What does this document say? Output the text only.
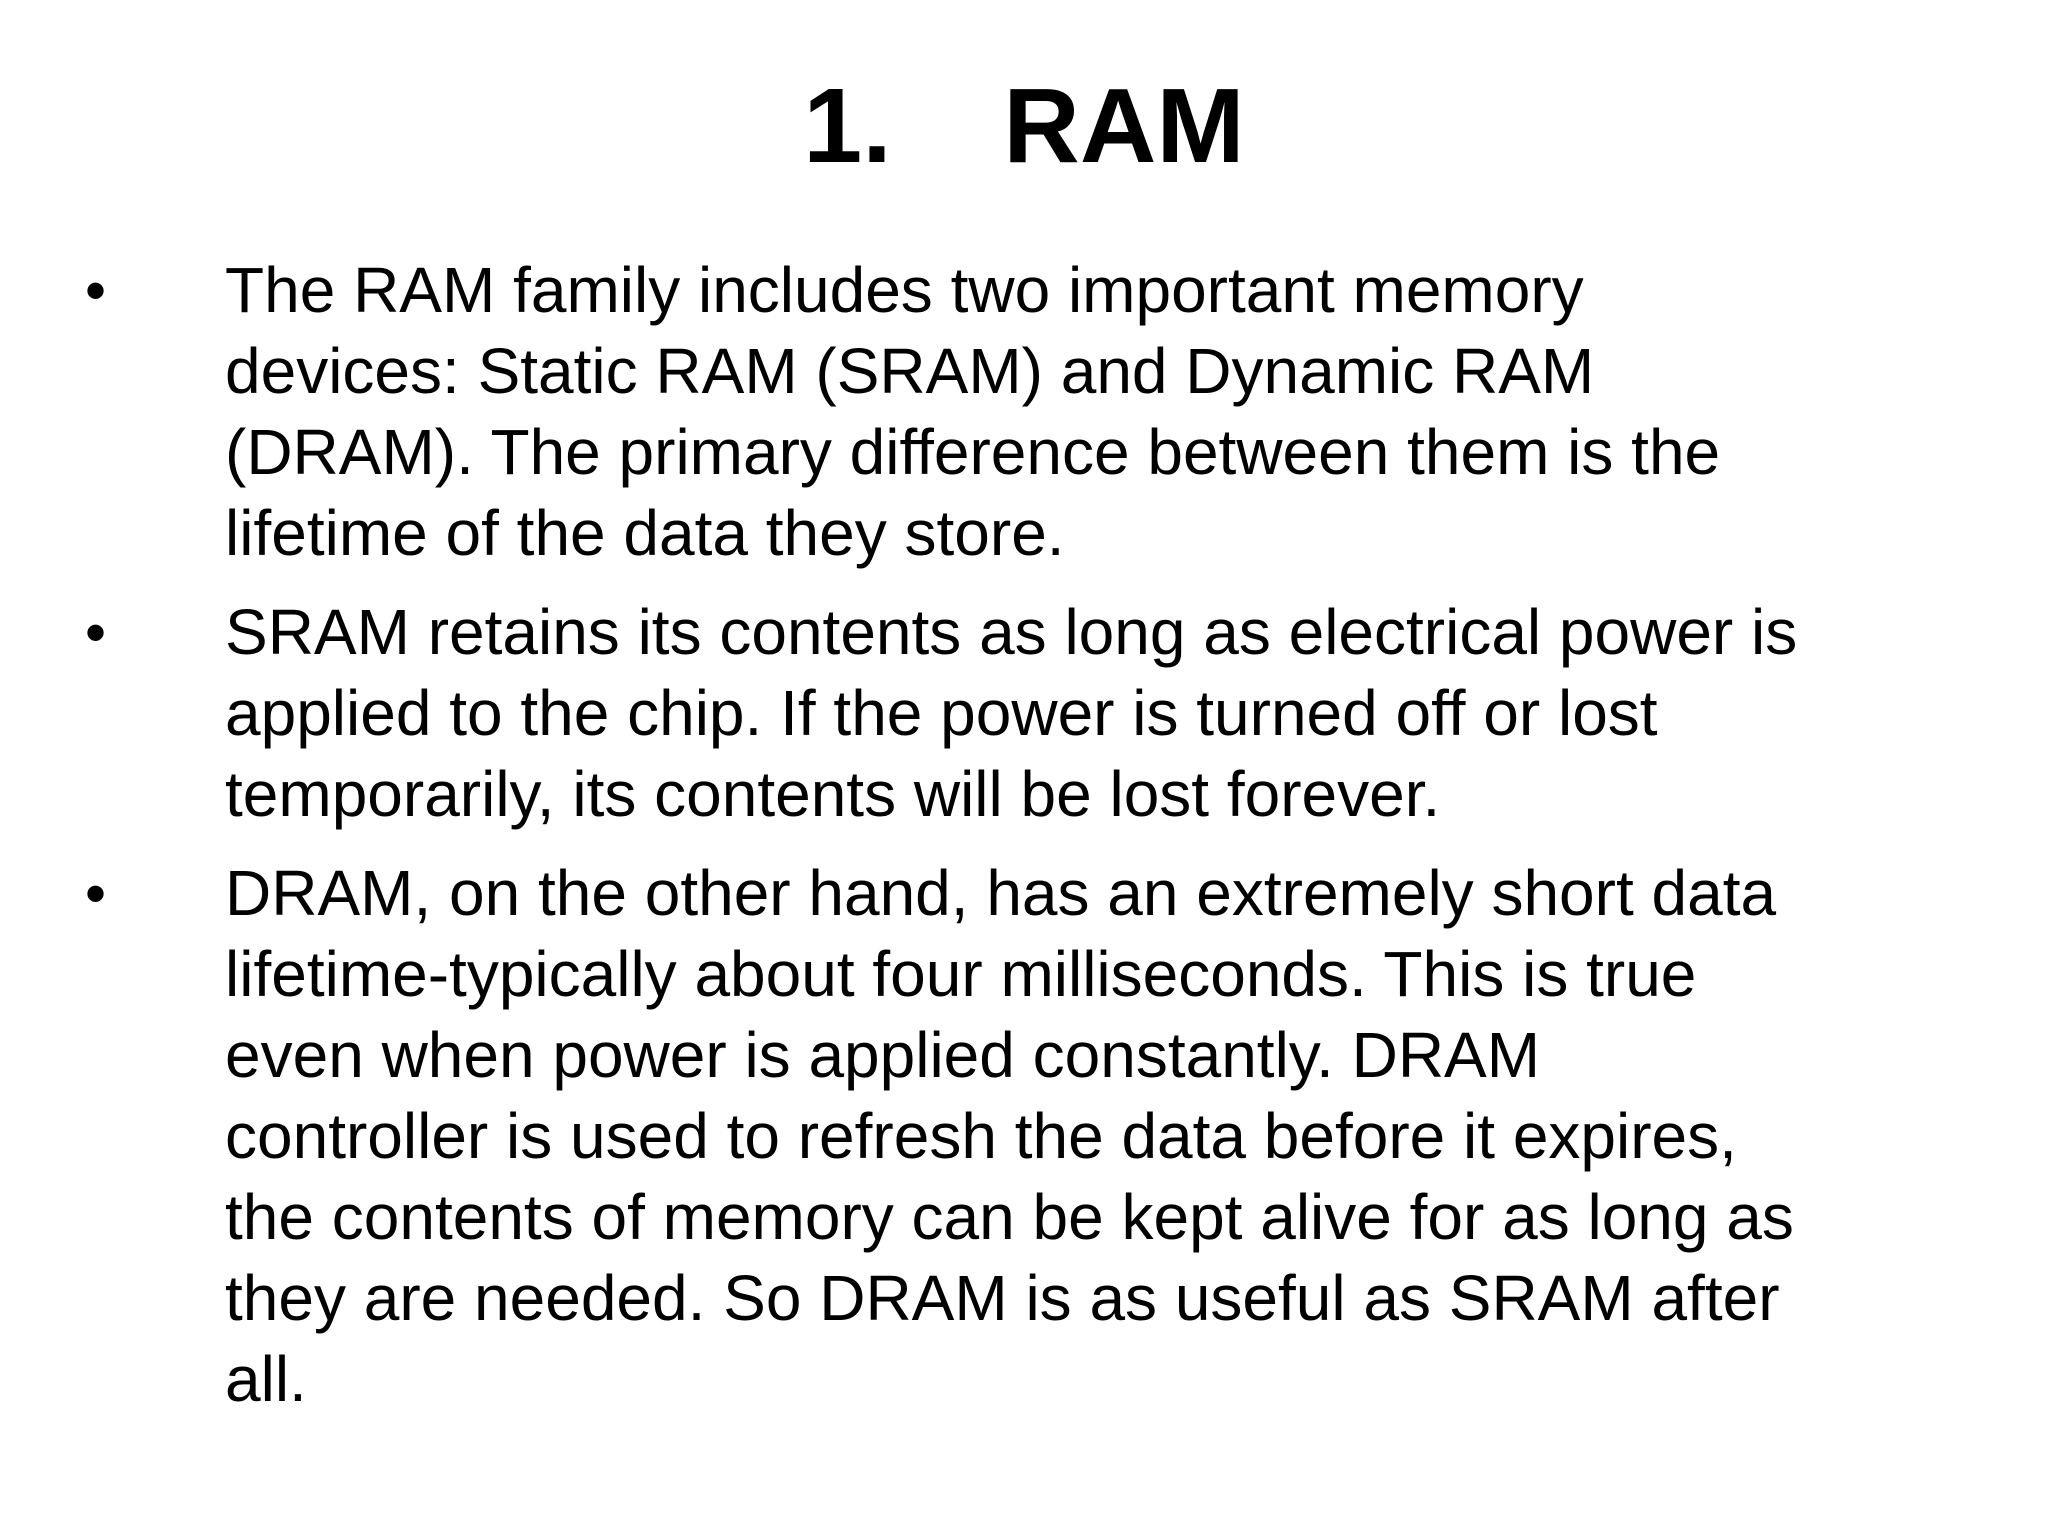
1. RAM
• The RAM family includes two important memory
devices: Static RAM (SRAM) and Dynamic RAM
(DRAM). The primary difference between them is the
lifetime of the data they store.
• SRAM retains its contents as long as electrical power is
applied to the chip. If the power is turned off or lost
temporarily, its contents will be lost forever.
• DRAM, on the other hand, has an extremely short data
lifetime-typically about four milliseconds. This is true
even when power is applied constantly. DRAM
controller is used to refresh the data before it expires,
the contents of memory can be kept alive for as long as
they are needed. So DRAM is as useful as SRAM after
all.
